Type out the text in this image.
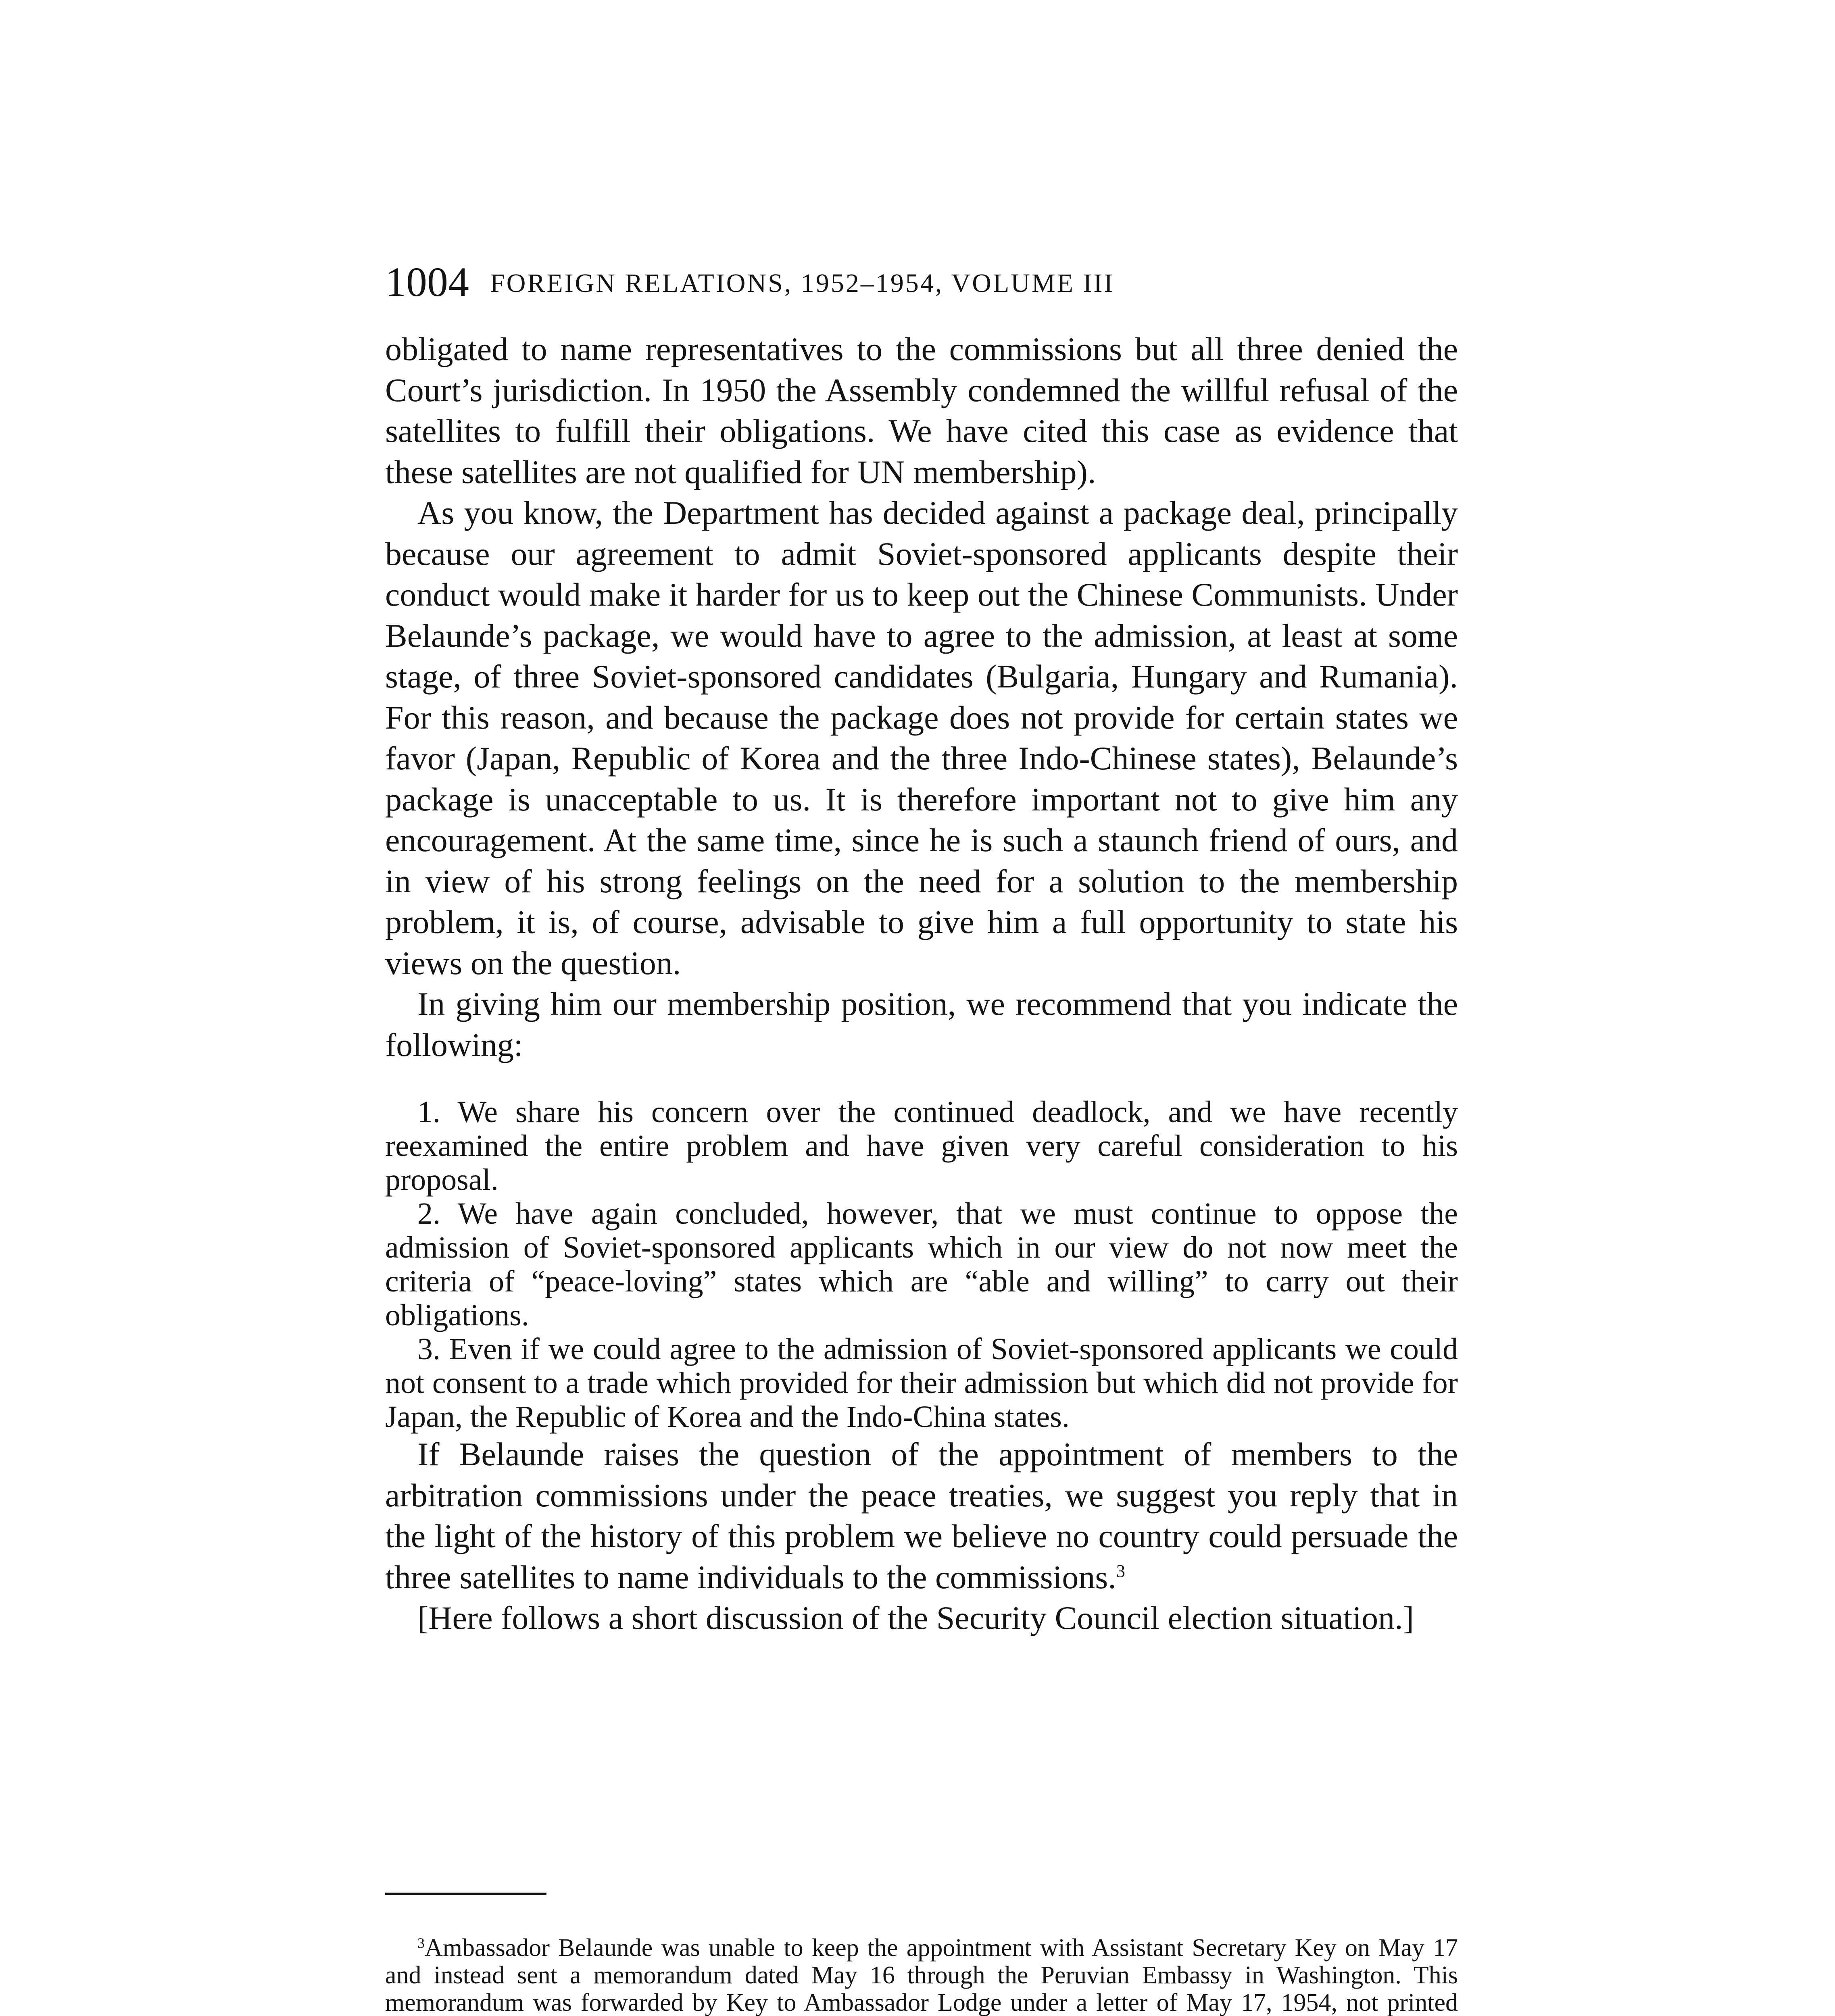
1004 FOREIGN RELATIONS, 1952–1954, VOLUME III

obligated to name representatives to the commissions but all three denied the Court’s jurisdiction. In 1950 the Assembly condemned the willful refusal of the satellites to fulfill their obligations. We have cited this case as evidence that these satellites are not qualified for UN membership).

As you know, the Department has decided against a package deal, principally because our agreement to admit Soviet-sponsored applicants despite their conduct would make it harder for us to keep out the Chinese Communists. Under Belaunde’s package, we would have to agree to the admission, at least at some stage, of three Soviet-sponsored candidates (Bulgaria, Hungary and Rumania). For this reason, and because the package does not provide for certain states we favor (Japan, Republic of Korea and the three Indo-Chinese states), Belaunde’s package is unacceptable to us. It is therefore important not to give him any encouragement. At the same time, since he is such a staunch friend of ours, and in view of his strong feelings on the need for a solution to the membership problem, it is, of course, advisable to give him a full opportunity to state his views on the question.

In giving him our membership position, we recommend that you indicate the following:

1. We share his concern over the continued deadlock, and we have recently reexamined the entire problem and have given very careful consideration to his proposal.

2. We have again concluded, however, that we must continue to oppose the admission of Soviet-sponsored applicants which in our view do not now meet the criteria of “peace-loving” states which are “able and willing” to carry out their obligations.

3. Even if we could agree to the admission of Soviet-sponsored applicants we could not consent to a trade which provided for their admission but which did not provide for Japan, the Republic of Korea and the Indo-China states.

If Belaunde raises the question of the appointment of members to the arbitration commissions under the peace treaties, we suggest you reply that in the light of the history of this problem we believe no country could persuade the three satellites to name individuals to the commissions.$^3$

[Here follows a short discussion of the Security Council election situation.]

$^3$Ambassador Belaunde was unable to keep the appointment with Assistant Secretary Key on May 17 and instead sent a memorandum dated May 16 through the Peruvian Embassy in Washington. This memorandum was forwarded by Key to Ambassador Lodge under a letter of May 17, 1954, not printed
